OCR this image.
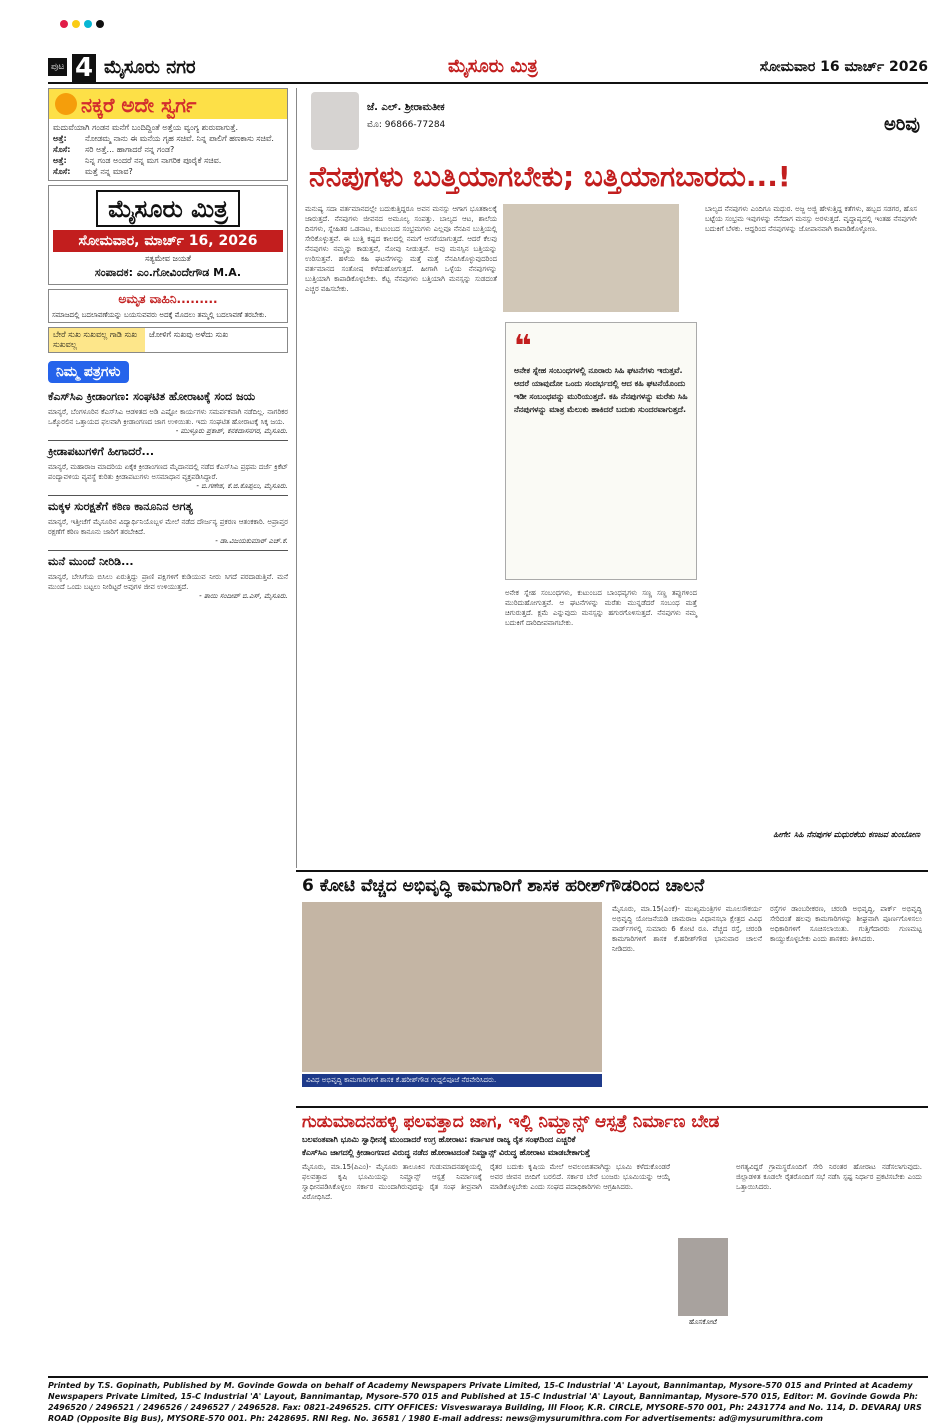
ಪುಟ 4 ಮೈಸೂರು ನಗರ	ಮೈಸೂರು ಮಿತ್ರ	ಸೋಮವಾರ 16 ಮಾರ್ಚ್ 2026
ನಕ್ಕರೆ ಅದೇ ಸ್ವರ್ಗ

ಮದುವೆಯಾಗಿ ಗಂಡನ ಮನೆಗೆ ಬಂದಿದ್ದಿಂತೆ ಅತ್ತೆಯ ವ್ಯಂಗ್ಯ ಶುರುವಾಗುತ್ತೆ.

ಅತ್ತೆ:	ನೋಡಮ್ಮ ನಾನು ಈ ಮನೆಯ ಗೃಹ ಸಚಿವೆ. ನಿನ್ನ ಪಾಲಿಗೆ ಹಣಕಾಸು ಸಚಿವೆ.
ಸೊಸೆ:	ಸರಿ ಅತ್ತೆ... ಹಾಗಾದರೆ ನನ್ನ ಗಂಡ?
ಅತ್ತೆ:	ನಿನ್ನ ಗಂಡ ಅಂದರೆ ನನ್ನ ಮಗ ನಾಗರಿಕ ಪೂರೈಕೆ ಸಚಿವ.
ಸೊಸೆ:	ಮತ್ತೆ ನನ್ನ ಮಾವ?
ಮೈಸೂರು ಮಿತ್ರ
ಸೋಮವಾರ, ಮಾರ್ಚ್ 16, 2026
ಸತ್ಯಮೇವ ಜಯತೆ
ಸಂಪಾದಕ: ಎಂ.ಗೋವಿಂದೇಗೌಡ M.A.
ಅಮೃತ ವಾಹಿನಿ.........
ಸಮಾಜದಲ್ಲಿ ಬದಲಾವಣೆಯನ್ನು ಬಯಸುವವರು ಅದಕ್ಕೆ ಮೊದಲು ತಮ್ಮಲ್ಲಿ ಬದಲಾವಣೆ ತರಬೇಕು.
ಬೇರೆ ಸುಖ ಸುಖವಲ್ಲ ಗಾಡಿ ಸುಖ ಸುಖವಲ್ಲ
ಜೋಳಿಗೆ ಸುಖವು ಅಳೆದು ಸುಖ
ನಿಮ್ಮ ಪತ್ರಗಳು
ಕೆಎಸ್‌ಸಿಎ ಕ್ರೀಡಾಂಗಣ: ಸಂಘಟಿತ ಹೋರಾಟಕ್ಕೆ ಸಂದ ಜಯ

ಮಾನ್ಯರೆ, ಬೆಂಗಳೂರಿನ ಕೆಎಸ್‌ಸಿಎ ಆಡಳಿತದ ಅಡಿ ಎಷ್ಟೋ ಕಾರ್ಯಗಳು ಸಮರ್ಪಕವಾಗಿ ನಡೆದಿಲ್ಲ. ನಾಗರಿಕರ ಒಕ್ಕೊರಲಿನ ಒತ್ತಾಯದ ಫಲವಾಗಿ ಕ್ರೀಡಾಂಗಣದ ಜಾಗ ಉಳಿಯಿತು. ಇದು ಸಂಘಟಿತ ಹೋರಾಟಕ್ಕೆ ಸಿಕ್ಕ ಜಯ.

- ಮುಳ್ಳೂರು ಪ್ರಕಾಶ್, ಕನಕದಾಸನಗರ, ಮೈಸೂರು.

ಕ್ರೀಡಾಪಟುಗಳಿಗೆ ಹೀಗಾದರೆ...

ಮಾನ್ಯರೆ, ಮಹಾರಾಜ ಮಾದರಿಯ ಏಕೈಕ ಕ್ರೀಡಾಂಗಣದ ಮೈದಾನದಲ್ಲಿ ನಡೆದ ಕೆಎಸ್‌ಸಿಎ ಪ್ರಥಮ ದರ್ಜೆ ಕ್ರಿಕೆಟ್ ಪಂದ್ಯಾವಳಿಯ ವ್ಯವಸ್ಥೆ ಕುರಿತು ಕ್ರೀಡಾಪಟುಗಳು ಅಸಮಾಧಾನ ವ್ಯಕ್ತಪಡಿಸಿದ್ದಾರೆ.

- ಬಿ.ಗಣೇಶ, ಕೆ.ಜಿ.ಕೊಪ್ಪಲು, ಮೈಸೂರು.

ಮಕ್ಕಳ ಸುರಕ್ಷತೆಗೆ ಕಠಿಣ ಕಾನೂನಿನ ಅಗತ್ಯ

ಮಾನ್ಯರೆ, ಇತ್ತೀಚೆಗೆ ಮೈಸೂರಿನ ವಿದ್ಯಾರ್ಥಿನಿಯೊಬ್ಬಳ ಮೇಲೆ ನಡೆದ ದೌರ್ಜನ್ಯ ಪ್ರಕರಣ ಆತಂಕಕಾರಿ. ಅಪ್ರಾಪ್ತರ ರಕ್ಷಣೆಗೆ ಕಠಿಣ ಕಾನೂನು ಜಾರಿಗೆ ತರಬೇಕಿದೆ.

- ಡಾ.ವಿಜಯಕುಮಾರ್ ಎಚ್.ಕೆ.

ಮನೆ ಮುಂದೆ ನೀರಿಡಿ...

ಮಾನ್ಯರೆ, ಬೇಸಿಗೆಯ ಬಿಸಿಲು ಏರುತ್ತಿದ್ದು ಪ್ರಾಣಿ ಪಕ್ಷಿಗಳಿಗೆ ಕುಡಿಯುವ ನೀರು ಸಿಗದೆ ಪರದಾಡುತ್ತಿವೆ. ಮನೆ ಮುಂದೆ ಒಂದು ಬಟ್ಟಲು ನೀರಿಟ್ಟರೆ ಅವುಗಳ ಜೀವ ಉಳಿಯುತ್ತದೆ.

- ತಾಯಿ ಸಂದೀಪ್ ಬಿ.ಎಸ್, ಮೈಸೂರು.

ಜೆ. ಎಲ್. ಶ್ರೀರಾಮತೀಕ
ಮೊ: 96866-77284	ಅರಿವು
ನೆನಪುಗಳು ಬುತ್ತಿಯಾಗಬೇಕು; ಬತ್ತಿಯಾಗಬಾರದು...!

ಮನುಷ್ಯ ಸದಾ ವರ್ತಮಾನದಲ್ಲೇ ಬದುಕುತ್ತಿದ್ದರೂ ಅವನ ಮನಸ್ಸು ಆಗಾಗ ಭೂತಕಾಲಕ್ಕೆ ಜಾರುತ್ತದೆ. ನೆನಪುಗಳು ಜೀವನದ ಅಮೂಲ್ಯ ಸಂಪತ್ತು. ಬಾಲ್ಯದ ಆಟ, ಶಾಲೆಯ ದಿನಗಳು, ಸ್ನೇಹಿತರ ಒಡನಾಟ, ಕುಟುಂಬದ ಸಂಭ್ರಮಗಳು ಎಲ್ಲವೂ ನೆನಪಿನ ಬುತ್ತಿಯಲ್ಲಿ ಸೇರಿಕೊಳ್ಳುತ್ತವೆ. ಈ ಬುತ್ತಿ ಕಷ್ಟದ ಕಾಲದಲ್ಲಿ ನಮಗೆ ಆಸರೆಯಾಗುತ್ತದೆ. ಆದರೆ ಕೆಲವು ನೆನಪುಗಳು ನಮ್ಮನ್ನು ಕಾಡುತ್ತವೆ, ನೋವು ನೀಡುತ್ತವೆ. ಅವು ಮನಸ್ಸಿನ ಬತ್ತಿಯನ್ನು ಉರಿಸುತ್ತವೆ. ಹಳೆಯ ಕಹಿ ಘಟನೆಗಳನ್ನು ಮತ್ತೆ ಮತ್ತೆ ನೆನಪಿಸಿಕೊಳ್ಳುವುದರಿಂದ ವರ್ತಮಾನದ ಸಂತೋಷ ಕಳೆದುಹೋಗುತ್ತದೆ. ಹೀಗಾಗಿ ಒಳ್ಳೆಯ ನೆನಪುಗಳನ್ನು ಬುತ್ತಿಯಾಗಿ ಕಾಪಾಡಿಕೊಳ್ಳಬೇಕು. ಕೆಟ್ಟ ನೆನಪುಗಳು ಬತ್ತಿಯಾಗಿ ಮನಸ್ಸನ್ನು ಸುಡದಂತೆ ಎಚ್ಚರ ವಹಿಸಬೇಕು.

❝

ಅನೇಕ ಸ್ನೇಹ ಸಂಬಂಧಗಳಲ್ಲಿ ನೂರಾರು ಸಿಹಿ ಘಟನೆಗಳು ಇರುತ್ತವೆ. ಆದರೆ ಯಾವುದೋ ಒಂದು ಸಂದರ್ಭದಲ್ಲಿ ಆದ ಕಹಿ ಘಟನೆಯೊಂದು ಇಡೀ ಸಂಬಂಧವನ್ನು ಮುರಿಯುತ್ತದೆ. ಕಹಿ ನೆನಪುಗಳನ್ನು ಮರೆತು ಸಿಹಿ ನೆನಪುಗಳನ್ನು ಮಾತ್ರ ಮೆಲುಕು ಹಾಕಿದರೆ ಬದುಕು ಸುಂದರವಾಗುತ್ತದೆ.

ಅನೇಕ ಸ್ನೇಹ ಸಂಬಂಧಗಳು, ಕುಟುಂಬದ ಬಾಂಧವ್ಯಗಳು ಸಣ್ಣ ಸಣ್ಣ ತಪ್ಪುಗಳಿಂದ ಮುರಿದುಹೋಗುತ್ತವೆ. ಆ ಘಟನೆಗಳನ್ನು ಮರೆತು ಮುನ್ನಡೆದರೆ ಸಂಬಂಧ ಮತ್ತೆ ಚಿಗುರುತ್ತದೆ. ಕ್ಷಮೆ ಎನ್ನುವುದು ಮನಸ್ಸನ್ನು ಹಗುರಗೊಳಿಸುತ್ತದೆ. ನೆನಪುಗಳು ನಮ್ಮ ಬದುಕಿಗೆ ದಾರಿದೀಪವಾಗಬೇಕು.

ಬಾಲ್ಯದ ನೆನಪುಗಳು ಎಂದಿಗೂ ಮಧುರ. ಅಜ್ಜ ಅಜ್ಜಿ ಹೇಳುತ್ತಿದ್ದ ಕತೆಗಳು, ಹಬ್ಬದ ಸಡಗರ, ಹೊಸ ಬಟ್ಟೆಯ ಸಂಭ್ರಮ ಇವುಗಳನ್ನು ನೆನೆದಾಗ ಮನಸ್ಸು ಅರಳುತ್ತದೆ. ವೃದ್ಧಾಪ್ಯದಲ್ಲಿ ಇಂತಹ ನೆನಪುಗಳೇ ಬದುಕಿಗೆ ಬೆಳಕು. ಆದ್ದರಿಂದ ನೆನಪುಗಳನ್ನು ಜೋಪಾನವಾಗಿ ಕಾಪಾಡಿಕೊಳ್ಳೋಣ.

ಹೀಗೇ: ಸಿಹಿ ನೆನಪುಗಳ ಮಧುರಕೆಯ ಕಣಜವ ತುಂಬೋಣ
6 ಕೋಟಿ ವೆಚ್ಚದ ಅಭಿವೃದ್ಧಿ ಕಾಮಗಾರಿಗೆ ಶಾಸಕ ಹರೀಶ್‌ಗೌಡರಿಂದ ಚಾಲನೆ
ವಿವಿಧ ಅಭಿವೃದ್ಧಿ ಕಾಮಗಾರಿಗಳಿಗೆ ಶಾಸಕ ಕೆ.ಹರೀಶ್‌ಗೌಡ ಗುದ್ದಲಿಪೂಜೆ ನೆರವೇರಿಸಿದರು.

ಮೈಸೂರು, ಮಾ.15(ಎಂಕೆ)- ಮುಖ್ಯಮಂತ್ರಿಗಳ ಮೂಲಸೌಕರ್ಯ ಅಭಿವೃದ್ಧಿ ಯೋಜನೆಯಡಿ ಚಾಮರಾಜ ವಿಧಾನಸಭಾ ಕ್ಷೇತ್ರದ ವಿವಿಧ ವಾರ್ಡ್‌ಗಳಲ್ಲಿ ಸುಮಾರು 6 ಕೋಟಿ ರೂ. ವೆಚ್ಚದ ರಸ್ತೆ, ಚರಂಡಿ ಕಾಮಗಾರಿಗಳಿಗೆ ಶಾಸಕ ಕೆ.ಹರೀಶ್‌ಗೌಡ ಭಾನುವಾರ ಚಾಲನೆ ನೀಡಿದರು.

ರಸ್ತೆಗಳ ಡಾಂಬರೀಕರಣ, ಚರಂಡಿ ಅಭಿವೃದ್ಧಿ, ಪಾರ್ಕ್ ಅಭಿವೃದ್ಧಿ ಸೇರಿದಂತೆ ಹಲವು ಕಾಮಗಾರಿಗಳನ್ನು ಶೀಘ್ರವಾಗಿ ಪೂರ್ಣಗೊಳಿಸಲು ಅಧಿಕಾರಿಗಳಿಗೆ ಸೂಚಿಸಲಾಯಿತು. ಗುತ್ತಿಗೆದಾರರು ಗುಣಮಟ್ಟ ಕಾಯ್ದುಕೊಳ್ಳಬೇಕು ಎಂದು ಶಾಸಕರು ತಿಳಿಸಿದರು.

ಗುಡುಮಾದನಹಳ್ಳಿ ಫಲವತ್ತಾದ ಜಾಗ, ಇಲ್ಲಿ ನಿಮ್ಹಾನ್ಸ್ ಆಸ್ಪತ್ರೆ ನಿರ್ಮಾಣ ಬೇಡ
ಬಲವಂತವಾಗಿ ಭೂಮಿ ಸ್ವಾಧೀನಕ್ಕೆ ಮುಂದಾದರೆ ಉಗ್ರ ಹೋರಾಟ: ಕರ್ನಾಟಕ ರಾಜ್ಯ ರೈತ ಸಂಘದಿಂದ ಎಚ್ಚರಿಕೆ
ಕೆಎಸ್‌ಸಿಎ ಜಾಗದಲ್ಲಿ ಕ್ರೀಡಾಂಗಣದ ವಿರುದ್ಧ ನಡೆದ ಹೋರಾಟದಂತೆ ನಿಮ್ಹಾನ್ಸ್ ವಿರುದ್ಧ ಹೋರಾಟ ಮಾಡಬೇಕಾಗುತ್ತೆ

ಮೈಸೂರು, ಮಾ.15(ಪಿಎಂ)- ಮೈಸೂರು ತಾಲೂಕಿನ ಗುಡುಮಾದನಹಳ್ಳಿಯಲ್ಲಿ ಫಲವತ್ತಾದ ಕೃಷಿ ಭೂಮಿಯನ್ನು ನಿಮ್ಹಾನ್ಸ್ ಆಸ್ಪತ್ರೆ ನಿರ್ಮಾಣಕ್ಕೆ ಸ್ವಾಧೀನಪಡಿಸಿಕೊಳ್ಳಲು ಸರ್ಕಾರ ಮುಂದಾಗಿರುವುದನ್ನು ರೈತ ಸಂಘ ತೀವ್ರವಾಗಿ ವಿರೋಧಿಸಿದೆ.

ರೈತರ ಬದುಕು ಕೃಷಿಯ ಮೇಲೆ ಅವಲಂಬಿತವಾಗಿದ್ದು ಭೂಮಿ ಕಳೆದುಕೊಂಡರೆ ಅವರ ಜೀವನ ಬೀದಿಗೆ ಬರಲಿದೆ. ಸರ್ಕಾರ ಬೇರೆ ಬಂಜರು ಭೂಮಿಯನ್ನು ಆಯ್ಕೆ ಮಾಡಿಕೊಳ್ಳಬೇಕು ಎಂದು ಸಂಘದ ಪದಾಧಿಕಾರಿಗಳು ಆಗ್ರಹಿಸಿದರು.

ಹೊಸಕೋಟೆ

ಅಗತ್ಯವಿದ್ದರೆ ಗ್ರಾಮಸ್ಥರೊಂದಿಗೆ ಸೇರಿ ನಿರಂತರ ಹೋರಾಟ ನಡೆಸಲಾಗುವುದು. ಜಿಲ್ಲಾಡಳಿತ ಕೂಡಲೇ ರೈತರೊಂದಿಗೆ ಸಭೆ ನಡೆಸಿ ಸ್ಪಷ್ಟ ನಿರ್ಧಾರ ಪ್ರಕಟಿಸಬೇಕು ಎಂದು ಒತ್ತಾಯಿಸಿದರು.

Printed by T.S. Gopinath, Published by M. Govinde Gowda on behalf of Academy Newspapers Private Limited, 15-C Industrial 'A' Layout, Bannimantap, Mysore-570 015 and Printed at Academy Newspapers Private Limited, 15-C Industrial 'A' Layout, Bannimantap, Mysore-570 015 and Published at 15-C Industrial 'A' Layout, Bannimantap, Mysore-570 015, Editor: M. Govinde Gowda Ph: 2496520 / 2496521 / 2496526 / 2496527 / 2496528. Fax: 0821-2496525. CITY OFFICES: Visveswaraya Building, III Floor, K.R. CIRCLE, MYSORE-570 001, Ph: 2431774 and No. 114, D. DEVARAJ URS ROAD (Opposite Big Bus), MYSORE-570 001. Ph: 2428695. RNI Reg. No. 36581 / 1980 E-mail address: news@mysurumithra.com For advertisements: ad@mysurumithra.com
